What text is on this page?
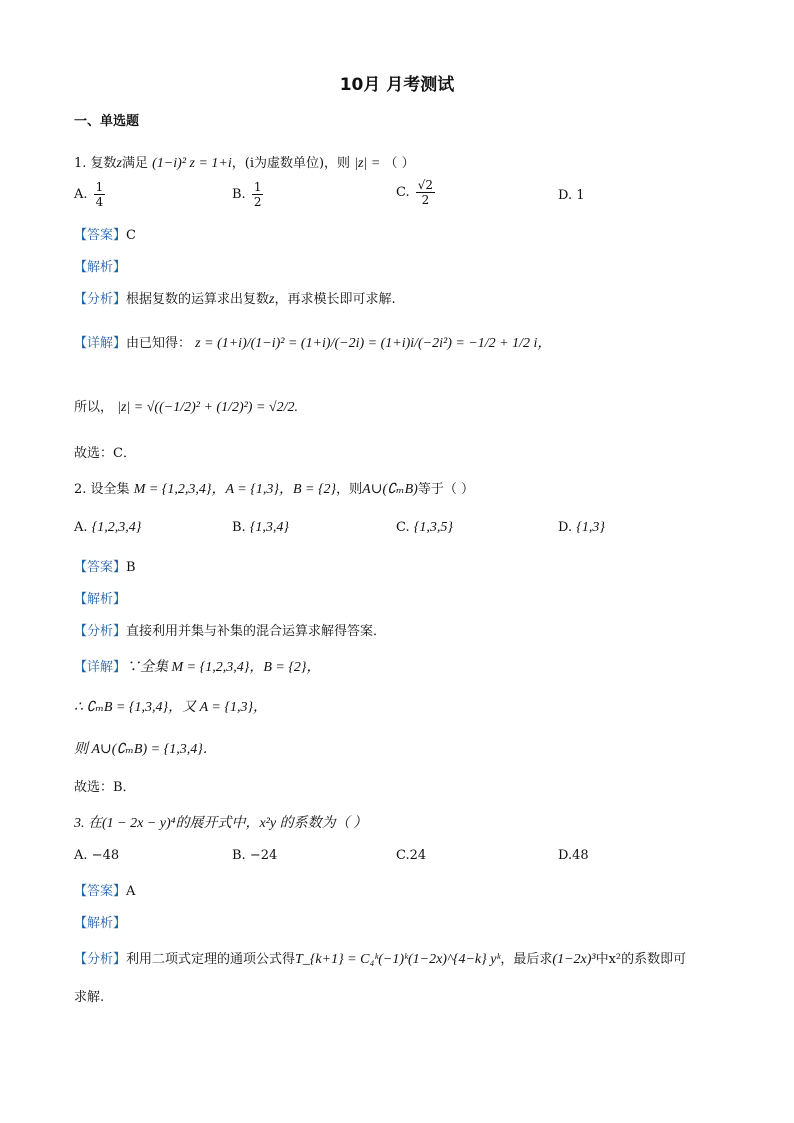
10月 月考测试
一、单选题
1. 复数z满足 (1−i)² z = 1+i，(i为虚数单位)，则 |z| = （ ）
A. $\frac{1}{4}$	B. $\frac{1}{2}$	C. $\frac{√2}{2}$	D. 1
【答案】C
【解析】
【分析】根据复数的运算求出复数z，再求模长即可求解.
【详解】由已知得： z = (1+i)/(1−i)² = (1+i)/(−2i) = (1+i)i/(−2i²) = −1/2 + 1/2 i，
所以， |z| = √((−1/2)² + (1/2)²) = √2/2.
故选：C．
2. 设全集 M = {1,2,3,4}，A = {1,3}，B = {2}，则A∪(∁ₘB)等于（ ）
A. {1,2,3,4}	B. {1,3,4}	C. {1,3,5}	D. {1,3}
【答案】B
【解析】
【分析】直接利用并集与补集的混合运算求解得答案．
【详解】∵全集 M = {1,2,3,4}，B = {2}，
∴ ∁ₘB = {1,3,4}，又 A = {1,3}，
则 A∪(∁ₘB) = {1,3,4}．
故选：B．
3. 在(1 − 2x − y)⁴的展开式中，x²y 的系数为（ ）
A. −48	B. −24	C.24	D.48
【答案】A
【解析】
【分析】利用二项式定理的通项公式得T_{k+1} = C₄ᵏ(−1)ᵏ(1−2x)^{4−k} yᵏ，最后求(1−2x)³中x²的系数即可
求解.
